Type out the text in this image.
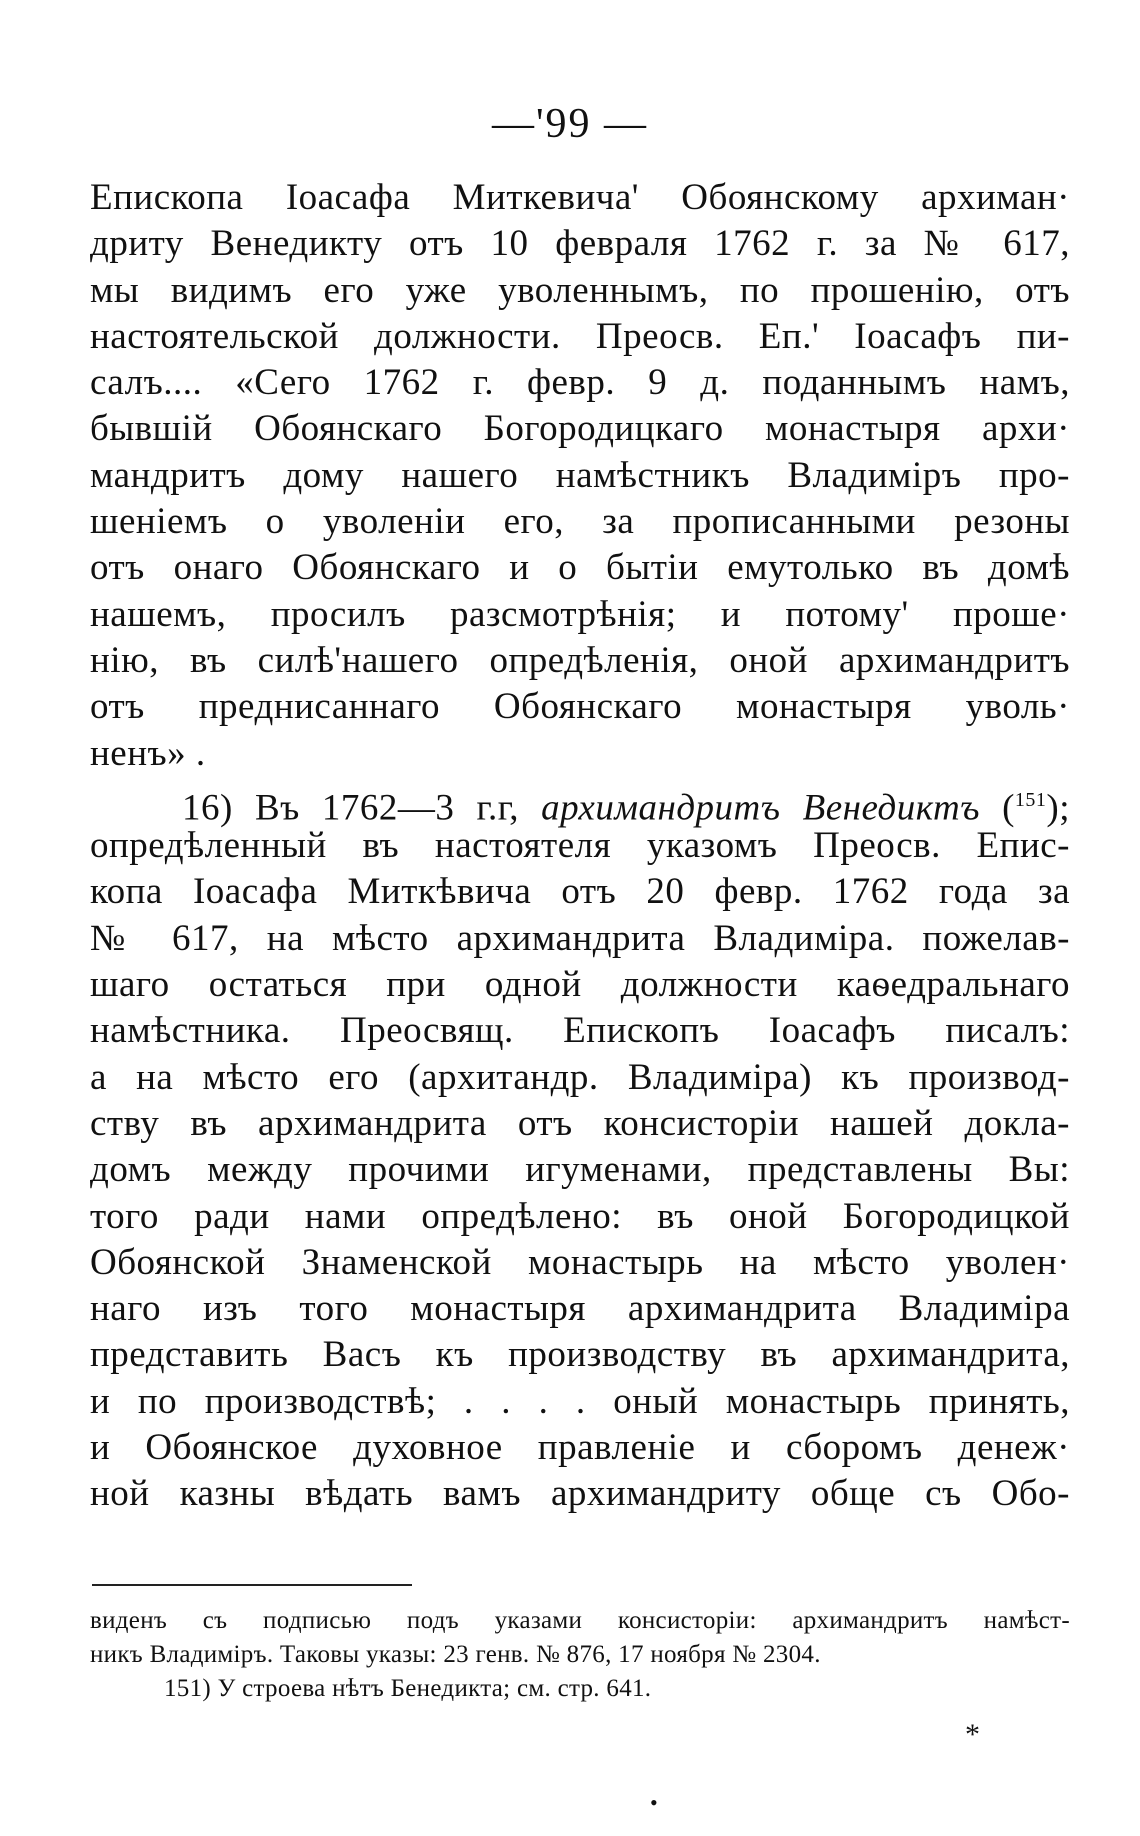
—'99 —
Епископа Іоасафа Миткевича' Обоянскому архиман·
дриту Венедикту отъ 10 февраля 1762 г. за № 617,
мы видимъ его уже уволеннымъ, по прошенію, отъ
настоятельской должности. Преосв. Еп.' Іоасафъ пи-
салъ.... «Сего 1762 г. февр. 9 д. поданнымъ намъ,
бывшій Обоянскаго Богородицкаго монастыря архи·
мандритъ дому нашего намѣстникъ Владиміръ про-
шеніемъ о уволеніи его, за прописанными резоны
отъ онаго Обоянскаго и о бытіи емутолько въ домѣ
нашемъ, просилъ разсмотрѣнія; и потому' проше·
нію, въ силѣ'нашего опредѣленія, оной архимандритъ
отъ преднисаннаго Обоянскаго монастыря уволь·
ненъ» .
16) Въ 1762—3 г.г, архимандритъ Венедиктъ ($^{151}$);
опредѣленный въ настоятеля указомъ Преосв. Епис-
копа Іоасафа Миткѣвича отъ 20 февр. 1762 года за
№ 617, на мѣсто архимандрита Владиміра. пожелав-
шаго остаться при одной должности каѳедральнаго
намѣстника. Преосвящ. Епископъ Іоасафъ писалъ:
а на мѣсто его (архитандр. Владиміра) къ производ-
ству въ архимандрита отъ консисторіи нашей докла-
домъ между прочими игуменами, представлены Вы:
того ради нами опредѣлено: въ оной Богородицкой
Обоянской Знаменской монастырь на мѣсто уволен·
наго изъ того монастыря архимандрита Владиміра
представить Васъ къ производству въ архимандрита,
и по производствѣ; . . . . оный монастырь принять,
и Обоянское духовное правленіе и сборомъ денеж·
ной казны вѣдать вамъ архимандриту обще съ Обо-
виденъ съ подписью подъ указами консисторіи: архимандритъ намѣст-
никъ Владиміръ. Таковы указы: 23 генв. № 876, 17 ноября № 2304.
151) У строева нѣтъ Бенедикта; см. стр. 641.
*
•
